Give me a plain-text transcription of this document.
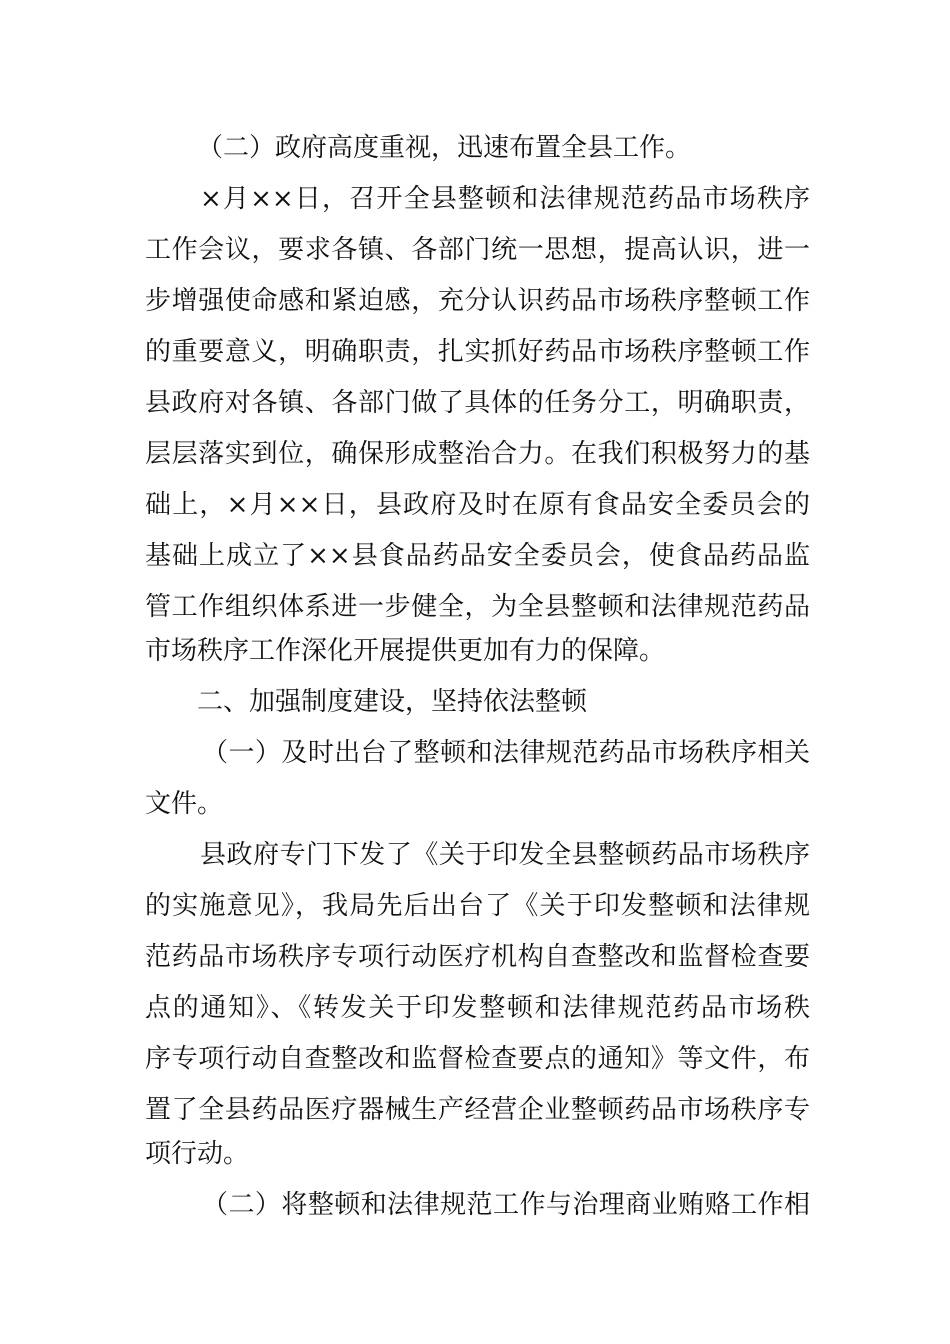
（二）政府高度重视，迅速布置全县工作。
×月××日，召开全县整顿和法律规范药品市场秩序
工作会议，要求各镇、各部门统一思想，提高认识，进一
步增强使命感和紧迫感，充分认识药品市场秩序整顿工作
的重要意义，明确职责，扎实抓好药品市场秩序整顿工作
县政府对各镇、各部门做了具体的任务分工，明确职责，
层层落实到位，确保形成整治合力。在我们积极努力的基
础上，×月××日，县政府及时在原有食品安全委员会的
基础上成立了××县食品药品安全委员会，使食品药品监
管工作组织体系进一步健全，为全县整顿和法律规范药品
市场秩序工作深化开展提供更加有力的保障。
二、加强制度建设，坚持依法整顿
（一）及时出台了整顿和法律规范药品市场秩序相关
文件。
县政府专门下发了《关于印发全县整顿药品市场秩序
的实施意见》，我局先后出台了《关于印发整顿和法律规
范药品市场秩序专项行动医疗机构自查整改和监督检查要
点的通知》、《转发关于印发整顿和法律规范药品市场秩
序专项行动自查整改和监督检查要点的通知》等文件，布
置了全县药品医疗器械生产经营企业整顿药品市场秩序专
项行动。
（二）将整顿和法律规范工作与治理商业贿赂工作相
